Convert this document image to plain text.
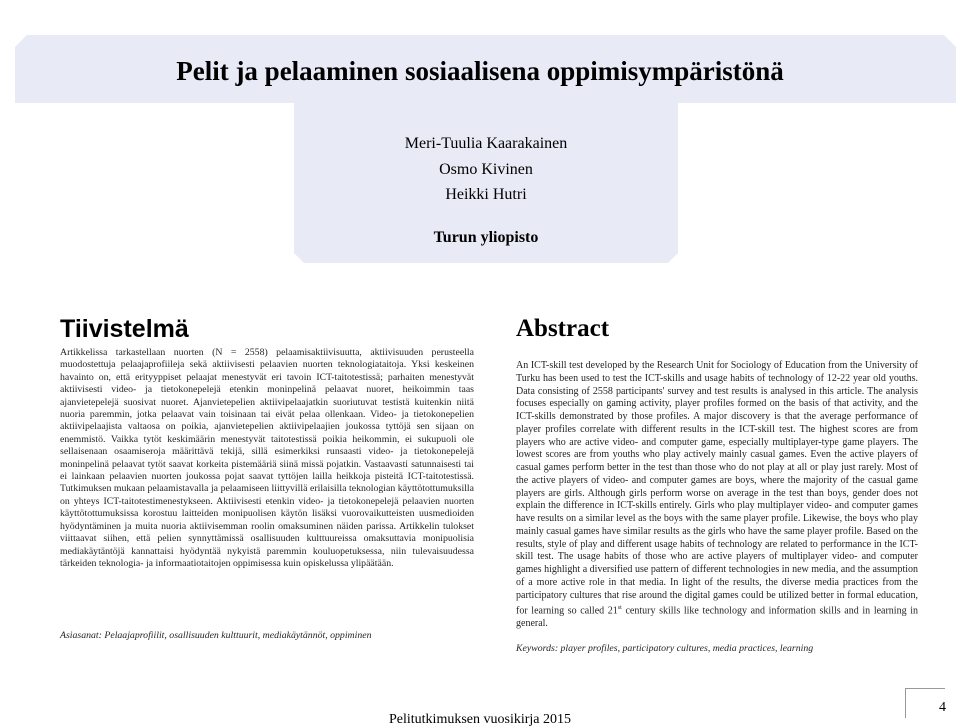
Pelit ja pelaaminen sosiaalisena oppimisympäristönä
Meri-Tuulia Kaarakainen
Osmo Kivinen
Heikki Hutri
Turun yliopisto
Tiivistelmä

Artikkelissa tarkastellaan nuorten (N = 2558) pelaamisaktiivisuutta, aktiivisuuden perusteella muodostettuja pelaajaprofiileja sekä aktiivisesti pelaavien nuorten teknologiataitoja. Yksi keskeinen havainto on, että erityyppiset pelaajat menestyvät eri tavoin ICT-taitotestissä; parhaiten menestyvät aktiivisesti video- ja tietokonepelejä etenkin moninpelinä pelaavat nuoret, heikoimmin taas ajanvietepelejä suosivat nuoret. Ajanvietepelien aktiivipelaajatkin suoriutuvat testistä kuitenkin niitä nuoria paremmin, jotka pelaavat vain toisinaan tai eivät pelaa ollenkaan. Video- ja tietokonepelien aktiivipelaajista valtaosa on poikia, ajanvietepelien aktiivipelaajien joukossa tyttöjä sen sijaan on enemmistö. Vaikka tytöt keskimäärin menestyvät taitotestissä poikia heikommin, ei sukupuoli ole sellaisenaan osaamiseroja määrittävä tekijä, sillä esimerkiksi runsaasti video- ja tietokonepelejä moninpelinä pelaavat tytöt saavat korkeita pistemääriä siinä missä pojatkin. Vastaavasti satunnaisesti tai ei lainkaan pelaavien nuorten joukossa pojat saavat tyttöjen lailla heikkoja pisteitä ICT-taitotestissä. Tutkimuksen mukaan pelaamistavalla ja pelaamiseen liittyvillä erilaisilla teknologian käyttötottumuksilla on yhteys ICT-taitotestimenestykseen. Aktiivisesti etenkin video- ja tietokonepelejä pelaavien nuorten käyttötottumuksissa korostuu laitteiden monipuolisen käytön lisäksi vuorovaikutteisten uusmedioiden hyödyntäminen ja muita nuoria aktiivisemman roolin omaksuminen näiden parissa. Artikkelin tulokset viittaavat siihen, että pelien synnyttämissä osallisuuden kulttuureissa omaksuttavia monipuolisia mediakäytäntöjä kannattaisi hyödyntää nykyistä paremmin kouluopetuksessa, niin tulevaisuudessa tärkeiden teknologia- ja informaatiotaitojen oppimisessa kuin opiskelussa ylipäätään.

Asiasanat: Pelaajaprofiilit, osallisuuden kulttuurit, mediakäytännöt, oppiminen

Abstract

An ICT-skill test developed by the Research Unit for Sociology of Education from the University of Turku has been used to test the ICT-skills and usage habits of technology of 12-22 year old youths. Data consisting of 2558 participants' survey and test results is analysed in this article. The analysis focuses especially on gaming activity, player profiles formed on the basis of that activity, and the ICT-skills demonstrated by those profiles. A major discovery is that the average performance of player profiles correlate with different results in the ICT-skill test. The highest scores are from players who are active video- and computer game, especially multiplayer-type game players. The lowest scores are from youths who play actively mainly casual games. Even the active players of casual games perform better in the test than those who do not play at all or play just rarely. Most of the active players of video- and computer games are boys, where the majority of the casual game players are girls. Although girls perform worse on average in the test than boys, gender does not explain the difference in ICT-skills entirely. Girls who play multiplayer video- and computer games have results on a similar level as the boys with the same player profile. Likewise, the boys who play mainly casual games have similar results as the girls who have the same player profile. Based on the results, style of play and different usage habits of technology are related to performance in the ICT-skill test. The usage habits of those who are active players of multiplayer video- and computer games highlight a diversified use pattern of different technologies in new media, and the assumption of a more active role in that media. In light of the results, the diverse media practices from the participatory cultures that rise around the digital games could be utilized better in formal education, for learning so called 21st century skills like technology and information skills and in learning in general.

Keywords: player profiles, participatory cultures, media practices, learning

Pelitutkimuksen vuosikirja 2015
4
